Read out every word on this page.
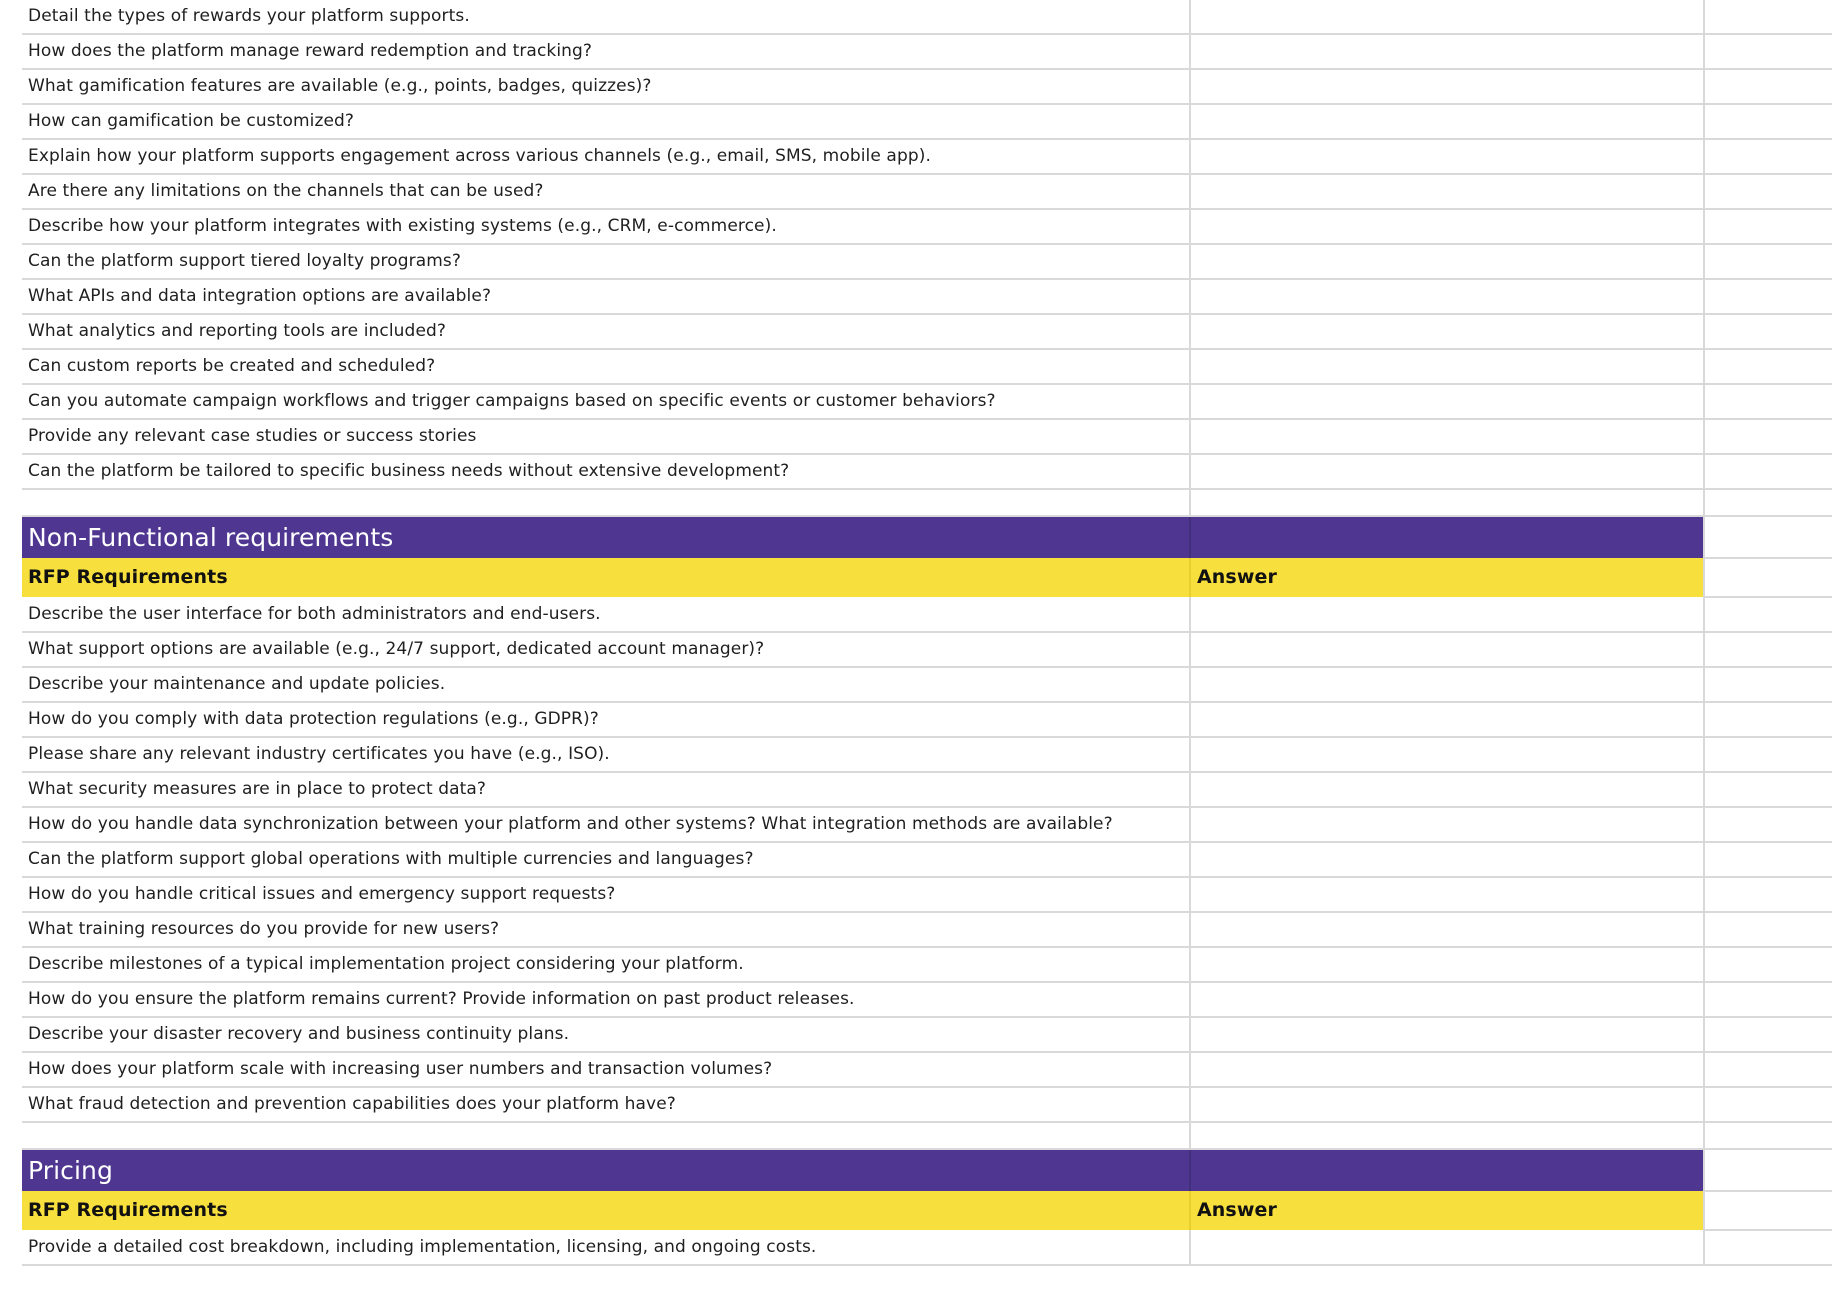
Detail the types of rewards your platform supports.		
How does the platform manage reward redemption and tracking?		
What gamification features are available (e.g., points, badges, quizzes)?		
How can gamification be customized?		
Explain how your platform supports engagement across various channels (e.g., email, SMS, mobile app).		
Are there any limitations on the channels that can be used?		
Describe how your platform integrates with existing systems (e.g., CRM, e-commerce).		
Can the platform support tiered loyalty programs?		
What APIs and data integration options are available?		
What analytics and reporting tools are included?		
Can custom reports be created and scheduled?		
Can you automate campaign workflows and trigger campaigns based on specific events or customer behaviors?		
Provide any relevant case studies or success stories		
Can the platform be tailored to specific business needs without extensive development?		

Non-Functional requirements		
RFP Requirements	Answer	
Describe the user interface for both administrators and end-users.		
What support options are available (e.g., 24/7 support, dedicated account manager)?		
Describe your maintenance and update policies.		
How do you comply with data protection regulations (e.g., GDPR)?		
Please share any relevant industry certificates you have (e.g., ISO).		
What security measures are in place to protect data?		
How do you handle data synchronization between your platform and other systems? What integration methods are available?		
Can the platform support global operations with multiple currencies and languages?		
How do you handle critical issues and emergency support requests?		
What training resources do you provide for new users?		
Describe milestones of a typical implementation project considering your platform.		
How do you ensure the platform remains current? Provide information on past product releases.		
Describe your disaster recovery and business continuity plans.		
How does your platform scale with increasing user numbers and transaction volumes?		
What fraud detection and prevention capabilities does your platform have?		

Pricing		
RFP Requirements	Answer	
Provide a detailed cost breakdown, including implementation, licensing, and ongoing costs.		
